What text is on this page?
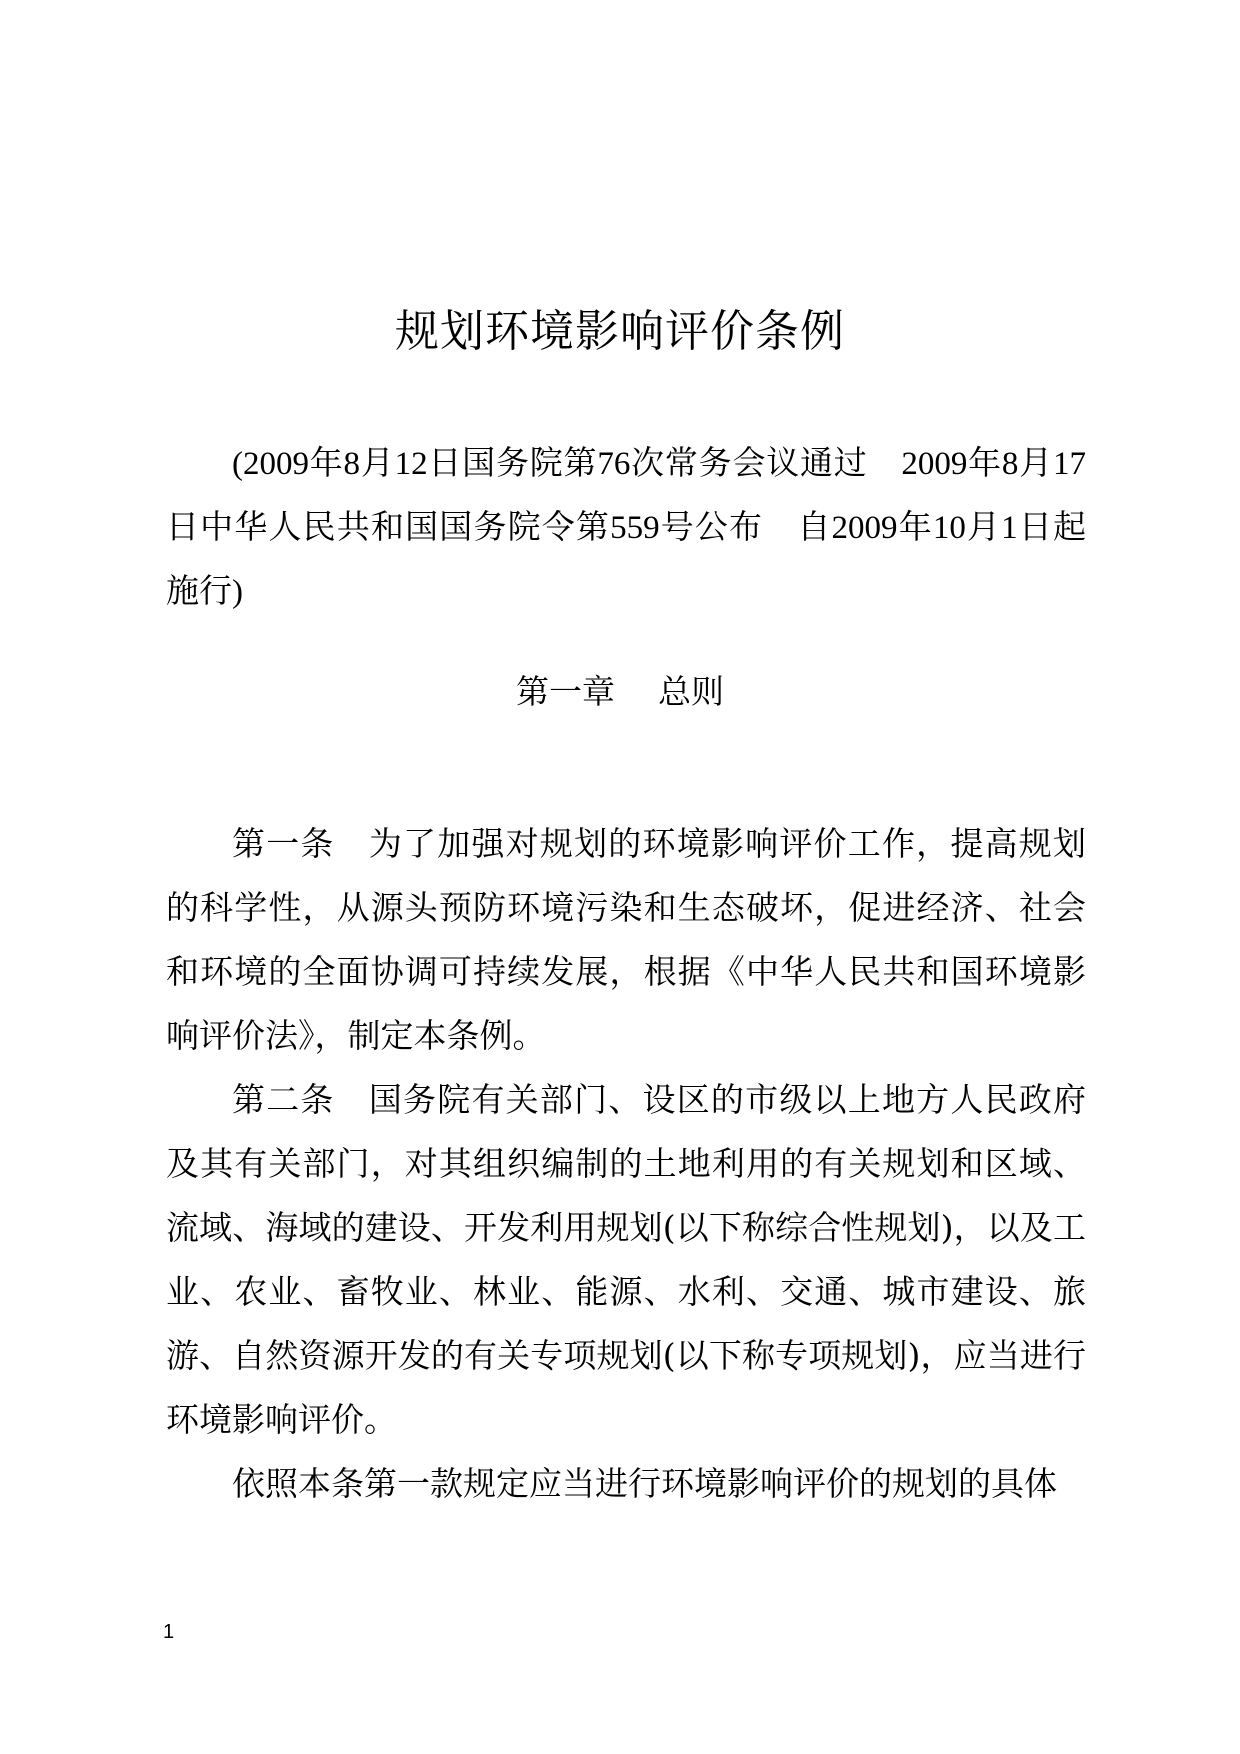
规划环境影响评价条例

(2009年8月12日国务院第76次常务会议通过　2009年8月17日中华人民共和国国务院令第559号公布　自2009年10月1日起施行)

第一章 总则

第一条　为了加强对规划的环境影响评价工作，提高规划的科学性，从源头预防环境污染和生态破坏，促进经济、社会和环境的全面协调可持续发展，根据《中华人民共和国环境影响评价法》，制定本条例。

第二条　国务院有关部门、设区的市级以上地方人民政府及其有关部门，对其组织编制的土地利用的有关规划和区域、流域、海域的建设、开发利用规划(以下称综合性规划)，以及工业、农业、畜牧业、林业、能源、水利、交通、城市建设、旅游、自然资源开发的有关专项规划(以下称专项规划)，应当进行环境影响评价。

依照本条第一款规定应当进行环境影响评价的规划的具体

1
